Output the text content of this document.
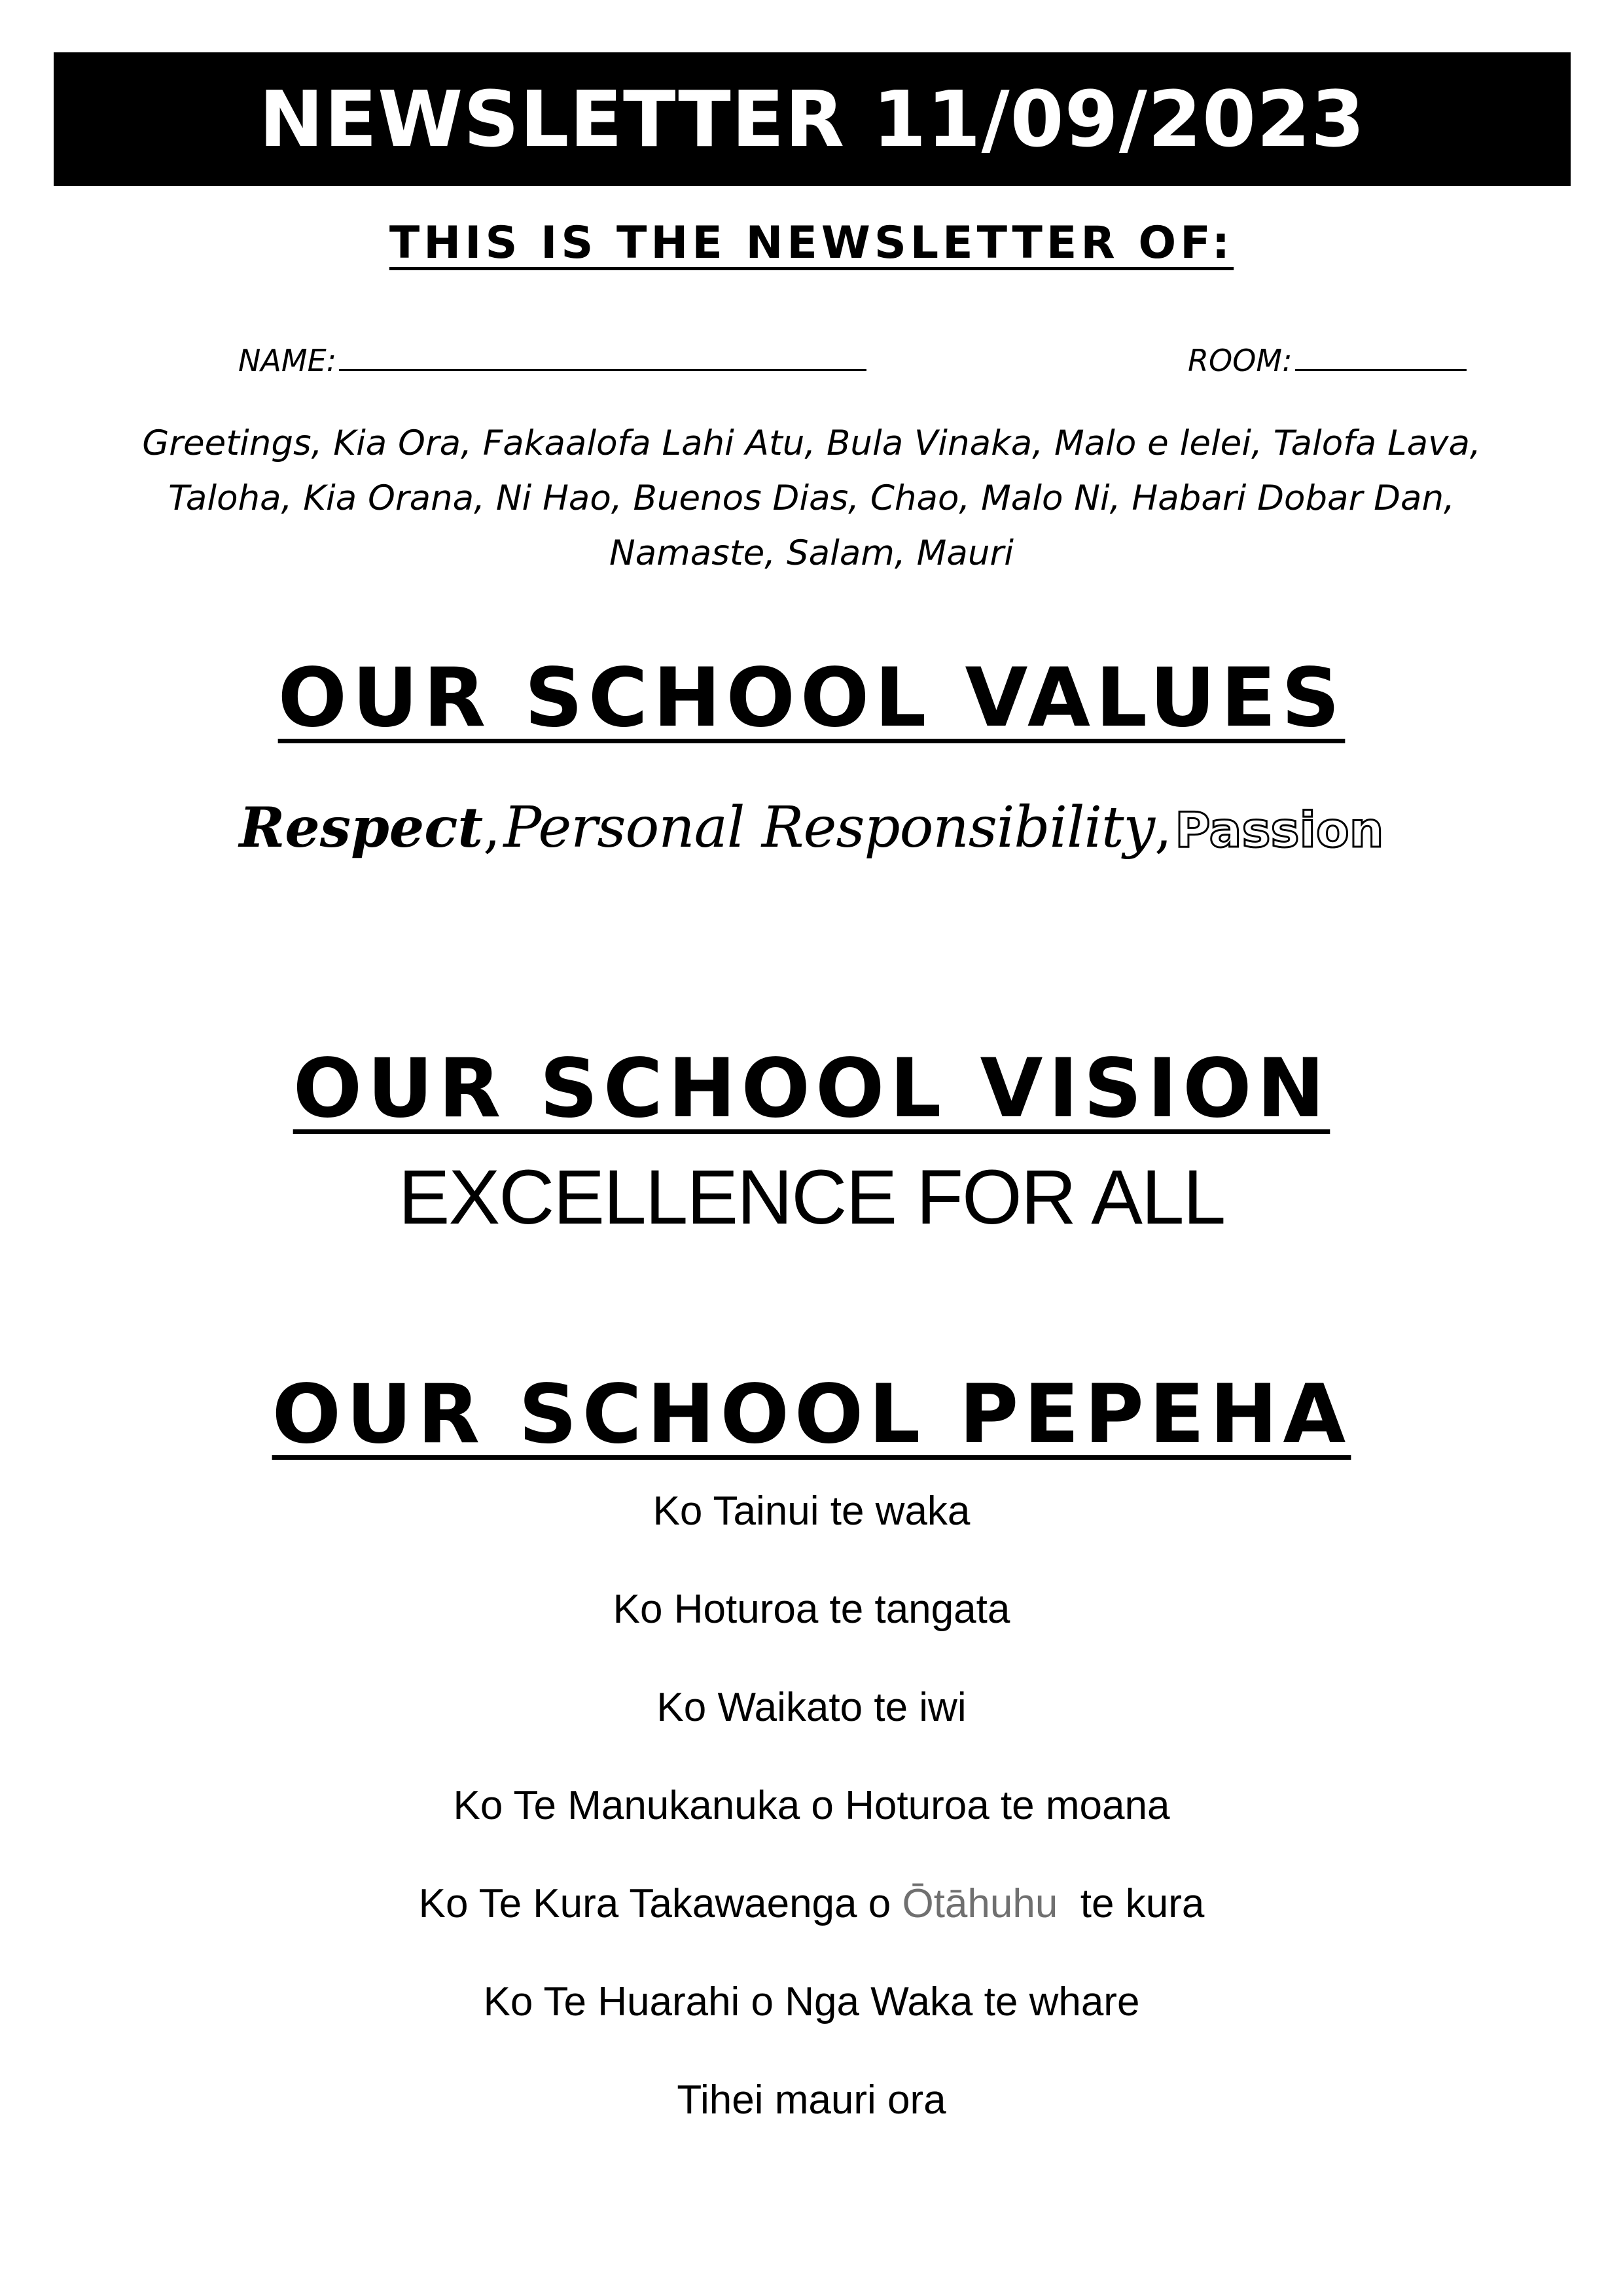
NEWSLETTER 11/09/2023
THIS IS THE NEWSLETTER OF:
NAME:	ROOM:
Greetings, Kia Ora, Fakaalofa Lahi Atu, Bula Vinaka, Malo e lelei, Talofa Lava, Taloha, Kia Orana, Ni Hao, Buenos Dias, Chao, Malo Ni, Habari Dobar Dan, Namaste, Salam, Mauri
OUR SCHOOL VALUES
Respect, Personal Responsibility, Passion
OUR SCHOOL VISION
EXCELLENCE FOR ALL
OUR SCHOOL PEPEHA
Ko Tainui te waka
Ko Hoturoa te tangata
Ko Waikato te iwi
Ko Te Manukanuka o Hoturoa te moana
Ko Te Kura Takawaenga o Ōtāhuhu te kura
Ko Te Huarahi o Nga Waka te whare
Tihei mauri ora
